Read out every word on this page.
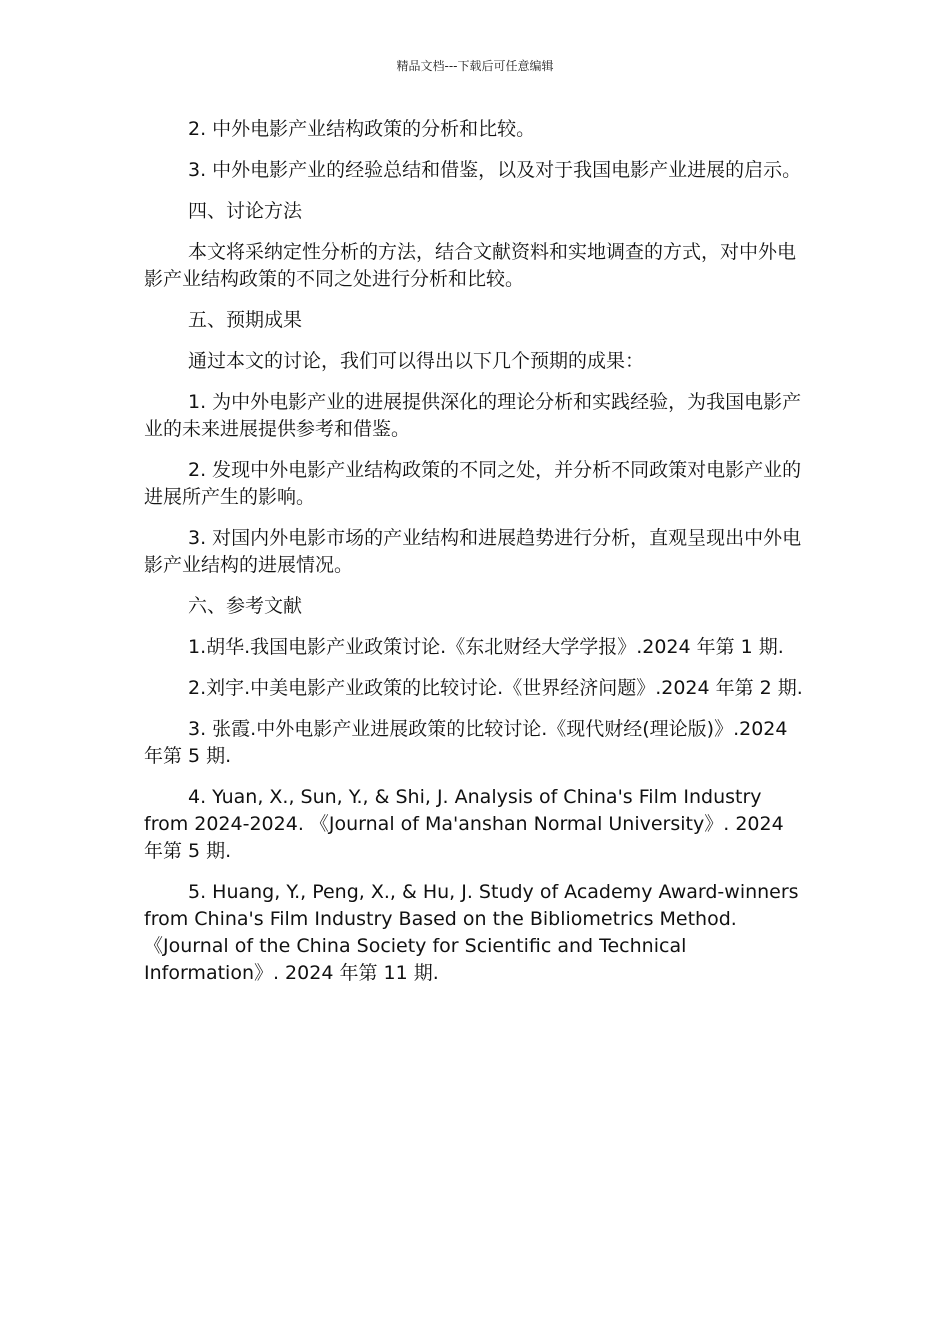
精品文档---下载后可任意编辑

2. 中外电影产业结构政策的分析和比较。

3. 中外电影产业的经验总结和借鉴，以及对于我国电影产业进展的启示。

四、讨论方法

本文将采纳定性分析的方法，结合文献资料和实地调查的方式，对中外电影产业结构政策的不同之处进行分析和比较。

五、预期成果

通过本文的讨论，我们可以得出以下几个预期的成果：

1. 为中外电影产业的进展提供深化的理论分析和实践经验，为我国电影产业的未来进展提供参考和借鉴。

2. 发现中外电影产业结构政策的不同之处，并分析不同政策对电影产业的进展所产生的影响。

3. 对国内外电影市场的产业结构和进展趋势进行分析，直观呈现出中外电影产业结构的进展情况。

六、参考文献

1.胡华.我国电影产业政策讨论.《东北财经大学学报》.2024 年第 1 期.

2.刘宇.中美电影产业政策的比较讨论.《世界经济问题》.2024 年第 2 期.

3. 张霞.中外电影产业进展政策的比较讨论.《现代财经(理论版)》.2024 年第 5 期.

4. Yuan, X., Sun, Y., & Shi, J. Analysis of China's Film Industry from 2024-2024. 《Journal of Ma'anshan Normal University》. 2024 年第 5 期.

5. Huang, Y., Peng, X., & Hu, J. Study of Academy Award-winners from China's Film Industry Based on the Bibliometrics Method. 《Journal of the China Society for Scientific and Technical Information》. 2024 年第 11 期.
